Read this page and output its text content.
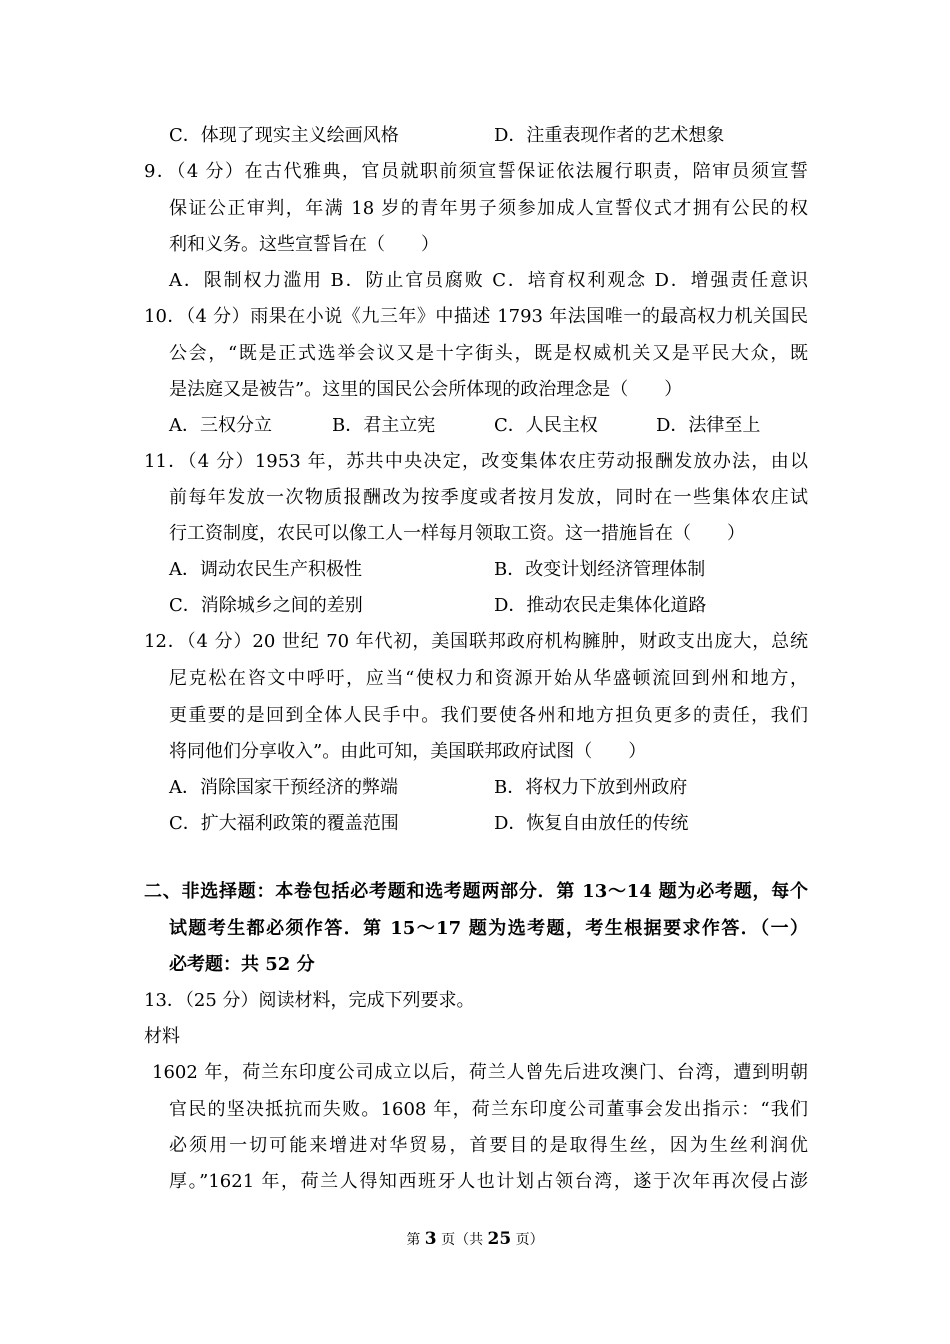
C．体现了现实主义绘画风格	D．注重表现作者的艺术想象
9．（4 分）在古代雅典，官员就职前须宣誓保证依法履行职责，陪审员须宣誓
保证公正审判，年满 18 岁的青年男子须参加成人宣誓仪式才拥有公民的权
利和义务。这些宣誓旨在（　　）
A．限制权力滥用 B．防止官员腐败 C．培育权利观念 D．增强责任意识
10．（4 分）雨果在小说《九三年》中描述 1793 年法国唯一的最高权力机关国民
公会，“既是正式选举会议又是十字街头，既是权威机关又是平民大众，既
是法庭又是被告”。这里的国民公会所体现的政治理念是（　　）
A．三权分立	B．君主立宪	C．人民主权	D．法律至上
11．（4 分）1953 年，苏共中央决定，改变集体农庄劳动报酬发放办法，由以
前每年发放一次物质报酬改为按季度或者按月发放，同时在一些集体农庄试
行工资制度，农民可以像工人一样每月领取工资。这一措施旨在（　　）
A．调动农民生产积极性	B．改变计划经济管理体制
C．消除城乡之间的差别	D．推动农民走集体化道路
12．（4 分）20 世纪 70 年代初，美国联邦政府机构臃肿，财政支出庞大，总统
尼克松在咨文中呼吁，应当“使权力和资源开始从华盛顿流回到州和地方，
更重要的是回到全体人民手中。我们要使各州和地方担负更多的责任，我们
将同他们分享收入”。由此可知，美国联邦政府试图（　　）
A．消除国家干预经济的弊端	B．将权力下放到州政府
C．扩大福利政策的覆盖范围	D．恢复自由放任的传统
二、非选择题：本卷包括必考题和选考题两部分．第 13～14 题为必考题，每个
试题考生都必须作答．第 15～17 题为选考题，考生根据要求作答．（一）
必考题：共 52 分
13．（25 分）阅读材料，完成下列要求。
材料
1602 年，荷兰东印度公司成立以后，荷兰人曾先后进攻澳门、台湾，遭到明朝
官民的坚决抵抗而失败。1608 年，荷兰东印度公司董事会发出指示：“我们
必须用一切可能来增进对华贸易，首要目的是取得生丝，因为生丝利润优
厚。”1621 年，荷兰人得知西班牙人也计划占领台湾，遂于次年再次侵占澎
第 3 页（共 25 页）
